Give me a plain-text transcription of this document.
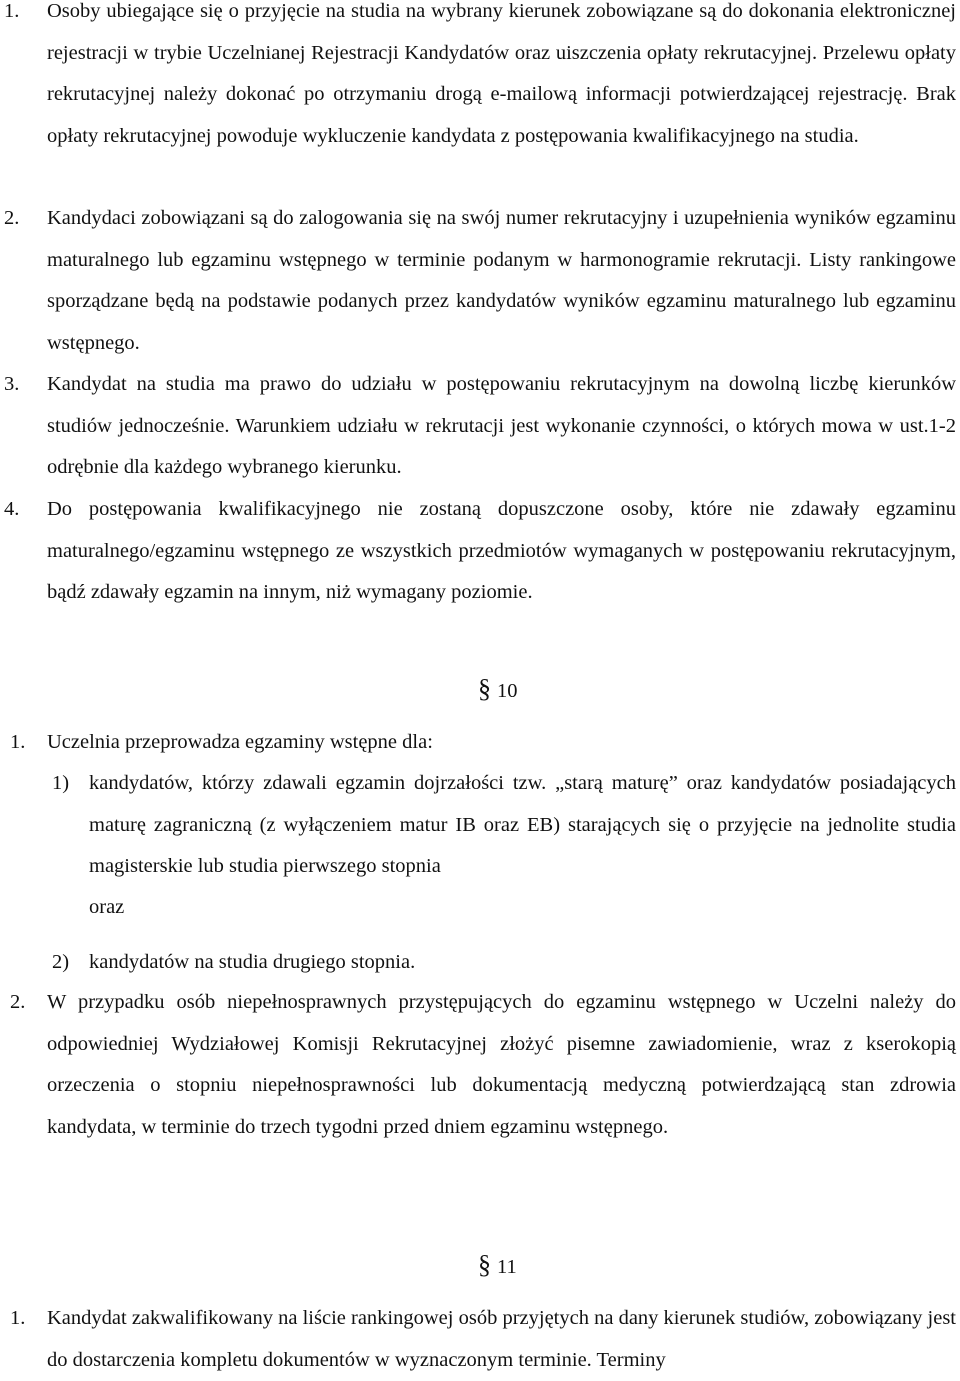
1. Osoby ubiegające się o przyjęcie na studia na wybrany kierunek zobowiązane są do dokonania elektronicznej rejestracji w trybie Uczelnianej Rejestracji Kandydatów oraz uiszczenia opłaty rekrutacyjnej. Przelewu opłaty rekrutacyjnej należy dokonać po otrzymaniu drogą e-mailową informacji potwierdzającej rejestrację. Brak opłaty rekrutacyjnej powoduje wykluczenie kandydata z postępowania kwalifikacyjnego na studia.

2. Kandydaci zobowiązani są do zalogowania się na swój numer rekrutacyjny i uzupełnienia wyników egzaminu maturalnego lub egzaminu wstępnego w terminie podanym w harmonogramie rekrutacji. Listy rankingowe sporządzane będą na podstawie podanych przez kandydatów wyników egzaminu maturalnego lub egzaminu wstępnego.

3. Kandydat na studia ma prawo do udziału w postępowaniu rekrutacyjnym na dowolną liczbę kierunków studiów jednocześnie. Warunkiem udziału w rekrutacji jest wykonanie czynności, o których mowa w ust.1-2 odrębnie dla każdego wybranego kierunku.

4. Do postępowania kwalifikacyjnego nie zostaną dopuszczone osoby, które nie zdawały egzaminu maturalnego/egzaminu wstępnego ze wszystkich przedmiotów wymaganych w postępowaniu rekrutacyjnym, bądź zdawały egzamin na innym, niż wymagany poziomie.

§ 10
1. Uczelnia przeprowadza egzaminy wstępne dla:
1) kandydatów, którzy zdawali egzamin dojrzałości tzw. „starą maturę” oraz kandydatów posiadających maturę zagraniczną (z wyłączeniem matur IB oraz EB) starających się o przyjęcie na jednolite studia magisterskie lub studia pierwszego stopnia

oraz
2) kandydatów na studia drugiego stopnia.
2. W przypadku osób niepełnosprawnych przystępujących do egzaminu wstępnego w Uczelni należy do odpowiedniej Wydziałowej Komisji Rekrutacyjnej złożyć pisemne zawiadomienie, wraz z kserokopią orzeczenia o stopniu niepełnosprawności lub dokumentacją medyczną potwierdzającą stan zdrowia kandydata, w terminie do trzech tygodni przed dniem egzaminu wstępnego.

§ 11
1. Kandydat zakwalifikowany na liście rankingowej osób przyjętych na dany kierunek studiów, zobowiązany jest do dostarczenia kompletu dokumentów w wyznaczonym terminie. Terminy
